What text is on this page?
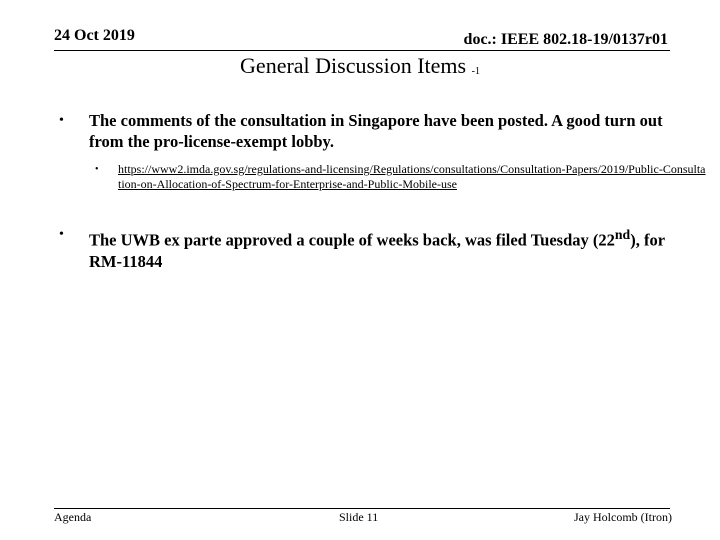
24 Oct 2019	doc.: IEEE 802.18-19/0137r01
General Discussion Items -1
• The comments of the consultation in Singapore have been posted. A good turn out from the pro-license-exempt lobby.
• https://www2.imda.gov.sg/regulations-and-licensing/Regulations/consultations/Consultation-Papers/2019/Public-Consultation-on-Allocation-of-Spectrum-for-Enterprise-and-Public-Mobile-use
• The UWB ex parte approved a couple of weeks back, was filed Tuesday (22nd), for RM-11844
Agenda	Slide 11	Jay Holcomb (Itron)
